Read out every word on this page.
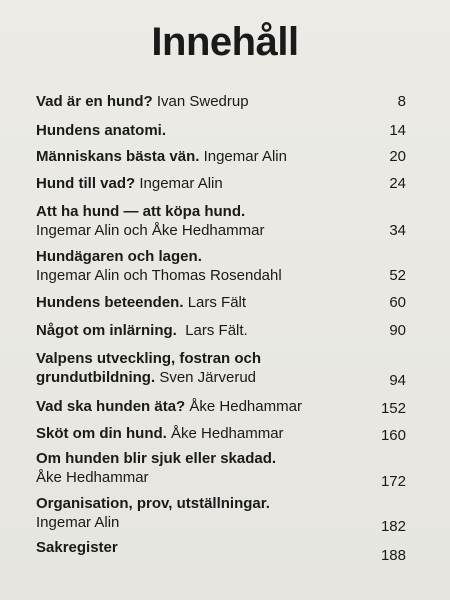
Innehåll
Vad är en hund? Ivan Swedrup	8
Hundens anatomi.	14
Människans bästa vän. Ingemar Alin	20
Hund till vad? Ingemar Alin	24
Att ha hund — att köpa hund.
Ingemar Alin och Åke Hedhammar	34
Hundägaren och lagen.
Ingemar Alin och Thomas Rosendahl	52
Hundens beteenden. Lars Fält	60
Något om inlärning. Lars Fält.	90
Valpens utveckling, fostran och
grundutbildning. Sven Järverud	94
Vad ska hunden äta? Åke Hedhammar	152
Sköt om din hund. Åke Hedhammar	160
Om hunden blir sjuk eller skadad.
Åke Hedhammar	172
Organisation, prov, utställningar.
Ingemar Alin	182
Sakregister	188
